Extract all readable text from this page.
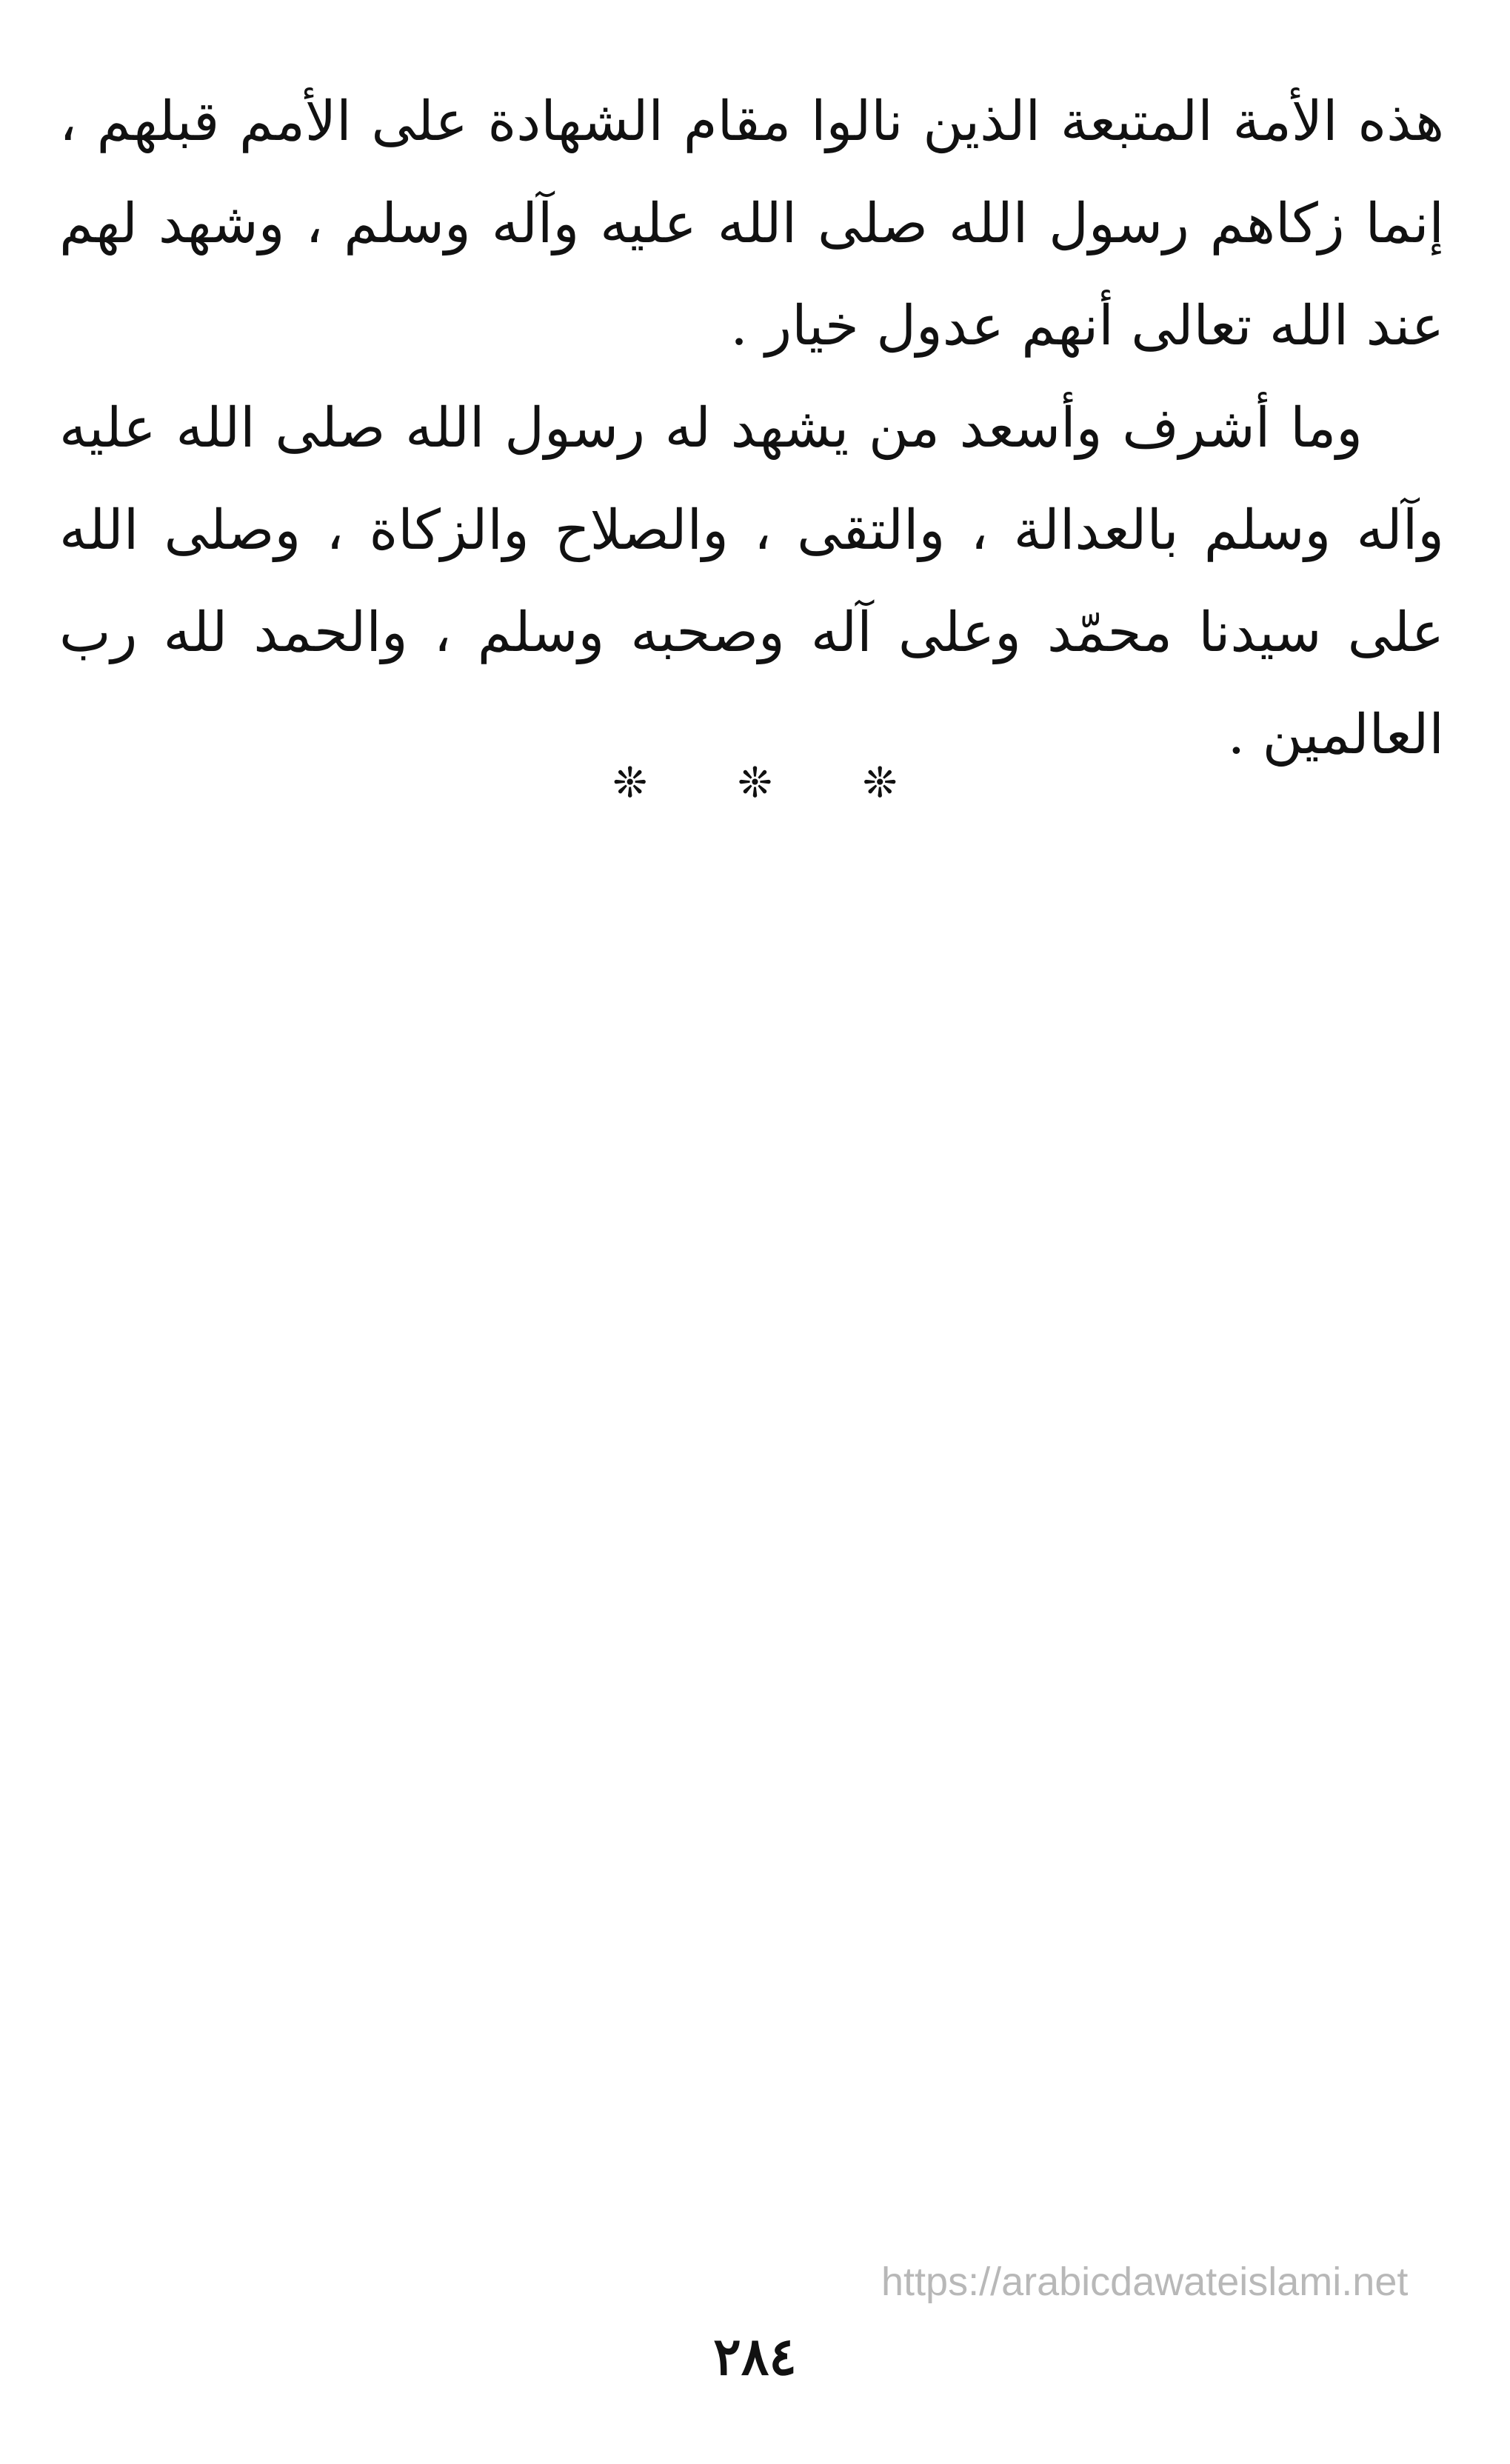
هذه الأمة المتبعة الذين نالوا مقام الشهادة على الأمم قبلهم ، إنما زكاهم رسول الله صلى الله عليه وآله وسلم ، وشهد لهم عند الله تعالى أنهم عدول خيار .

وما أشرف وأسعد من يشهد له رسول الله صلى الله عليه وآله وسلم بالعدالة ، والتقى ، والصلاح والزكاة ، وصلى الله على سيدنا محمّد وعلى آله وصحبه وسلم ، والحمد لله رب العالمين .

❊ ❊ ❊
https://arabicdawateislami.net
٢٨٤
